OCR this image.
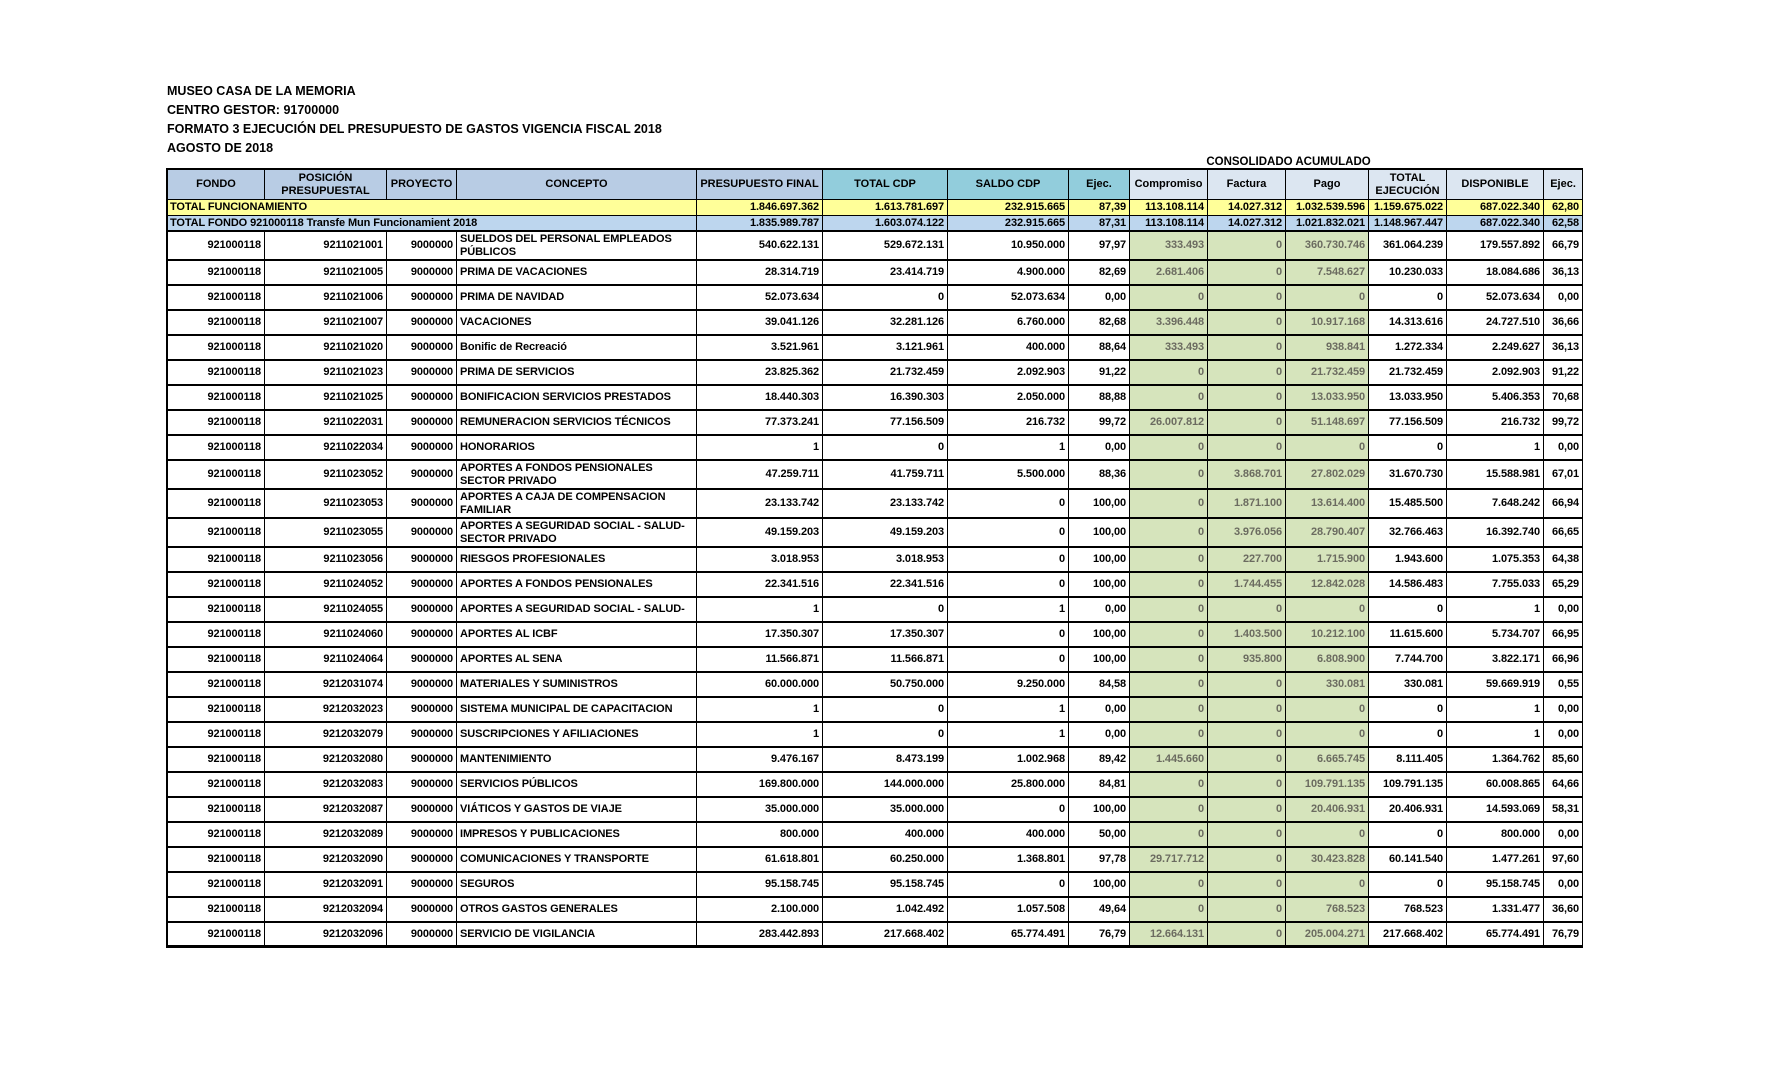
MUSEO CASA DE LA MEMORIA
CENTRO GESTOR: 91700000
FORMATO 3 EJECUCIÓN DEL PRESUPUESTO DE GASTOS VIGENCIA FISCAL 2018
AGOSTO DE 2018
								CONSOLIDADO ACUMULADO					
FONDO	POSICIÓN PRESUPUESTAL	PROYECTO	CONCEPTO	PRESUPUESTO FINAL	TOTAL CDP	SALDO CDP	Ejec.	Compromiso	Factura	Pago	TOTAL EJECUCIÓN	DISPONIBLE	Ejec.
TOTAL FUNCIONAMIENTO				1.846.697.362	1.613.781.697	232.915.665	87,39	113.108.114	14.027.312	1.032.539.596	1.159.675.022	687.022.340	62,80
TOTAL FONDO 921000118 Transfe Mun Funcionamient 2018				1.835.989.787	1.603.074.122	232.915.665	87,31	113.108.114	14.027.312	1.021.832.021	1.148.967.447	687.022.340	62,58
921000118	9211021001	9000000	SUELDOS DEL PERSONAL EMPLEADOS PÚBLICOS	540.622.131	529.672.131	10.950.000	97,97	333.493	0	360.730.746	361.064.239	179.557.892	66,79
921000118	9211021005	9000000	PRIMA DE VACACIONES	28.314.719	23.414.719	4.900.000	82,69	2.681.406	0	7.548.627	10.230.033	18.084.686	36,13
921000118	9211021006	9000000	PRIMA DE NAVIDAD	52.073.634	0	52.073.634	0,00	0	0	0	0	52.073.634	0,00
921000118	9211021007	9000000	VACACIONES	39.041.126	32.281.126	6.760.000	82,68	3.396.448	0	10.917.168	14.313.616	24.727.510	36,66
921000118	9211021020	9000000	Bonific de Recreació	3.521.961	3.121.961	400.000	88,64	333.493	0	938.841	1.272.334	2.249.627	36,13
921000118	9211021023	9000000	PRIMA DE SERVICIOS	23.825.362	21.732.459	2.092.903	91,22	0	0	21.732.459	21.732.459	2.092.903	91,22
921000118	9211021025	9000000	BONIFICACION SERVICIOS PRESTADOS	18.440.303	16.390.303	2.050.000	88,88	0	0	13.033.950	13.033.950	5.406.353	70,68
921000118	9211022031	9000000	REMUNERACION SERVICIOS TÉCNICOS	77.373.241	77.156.509	216.732	99,72	26.007.812	0	51.148.697	77.156.509	216.732	99,72
921000118	9211022034	9000000	HONORARIOS	1	0	1	0,00	0	0	0	0	1	0,00
921000118	9211023052	9000000	APORTES A FONDOS PENSIONALES SECTOR PRIVADO	47.259.711	41.759.711	5.500.000	88,36	0	3.868.701	27.802.029	31.670.730	15.588.981	67,01
921000118	9211023053	9000000	APORTES A CAJA DE COMPENSACION FAMILIAR	23.133.742	23.133.742	0	100,00	0	1.871.100	13.614.400	15.485.500	7.648.242	66,94
921000118	9211023055	9000000	APORTES A SEGURIDAD SOCIAL - SALUD-SECTOR PRIVADO	49.159.203	49.159.203	0	100,00	0	3.976.056	28.790.407	32.766.463	16.392.740	66,65
921000118	9211023056	9000000	RIESGOS PROFESIONALES	3.018.953	3.018.953	0	100,00	0	227.700	1.715.900	1.943.600	1.075.353	64,38
921000118	9211024052	9000000	APORTES A FONDOS PENSIONALES	22.341.516	22.341.516	0	100,00	0	1.744.455	12.842.028	14.586.483	7.755.033	65,29
921000118	9211024055	9000000	APORTES A SEGURIDAD SOCIAL - SALUD-	1	0	1	0,00	0	0	0	0	1	0,00
921000118	9211024060	9000000	APORTES AL ICBF	17.350.307	17.350.307	0	100,00	0	1.403.500	10.212.100	11.615.600	5.734.707	66,95
921000118	9211024064	9000000	APORTES AL SENA	11.566.871	11.566.871	0	100,00	0	935.800	6.808.900	7.744.700	3.822.171	66,96
921000118	9212031074	9000000	MATERIALES Y SUMINISTROS	60.000.000	50.750.000	9.250.000	84,58	0	0	330.081	330.081	59.669.919	0,55
921000118	9212032023	9000000	SISTEMA MUNICIPAL DE CAPACITACION	1	0	1	0,00	0	0	0	0	1	0,00
921000118	9212032079	9000000	SUSCRIPCIONES Y AFILIACIONES	1	0	1	0,00	0	0	0	0	1	0,00
921000118	9212032080	9000000	MANTENIMIENTO	9.476.167	8.473.199	1.002.968	89,42	1.445.660	0	6.665.745	8.111.405	1.364.762	85,60
921000118	9212032083	9000000	SERVICIOS PÚBLICOS	169.800.000	144.000.000	25.800.000	84,81	0	0	109.791.135	109.791.135	60.008.865	64,66
921000118	9212032087	9000000	VIÁTICOS Y GASTOS DE VIAJE	35.000.000	35.000.000	0	100,00	0	0	20.406.931	20.406.931	14.593.069	58,31
921000118	9212032089	9000000	IMPRESOS Y PUBLICACIONES	800.000	400.000	400.000	50,00	0	0	0	0	800.000	0,00
921000118	9212032090	9000000	COMUNICACIONES Y TRANSPORTE	61.618.801	60.250.000	1.368.801	97,78	29.717.712	0	30.423.828	60.141.540	1.477.261	97,60
921000118	9212032091	9000000	SEGUROS	95.158.745	95.158.745	0	100,00	0	0	0	0	95.158.745	0,00
921000118	9212032094	9000000	OTROS GASTOS GENERALES	2.100.000	1.042.492	1.057.508	49,64	0	0	768.523	768.523	1.331.477	36,60
921000118	9212032096	9000000	SERVICIO DE VIGILANCIA	283.442.893	217.668.402	65.774.491	76,79	12.664.131	0	205.004.271	217.668.402	65.774.491	76,79
